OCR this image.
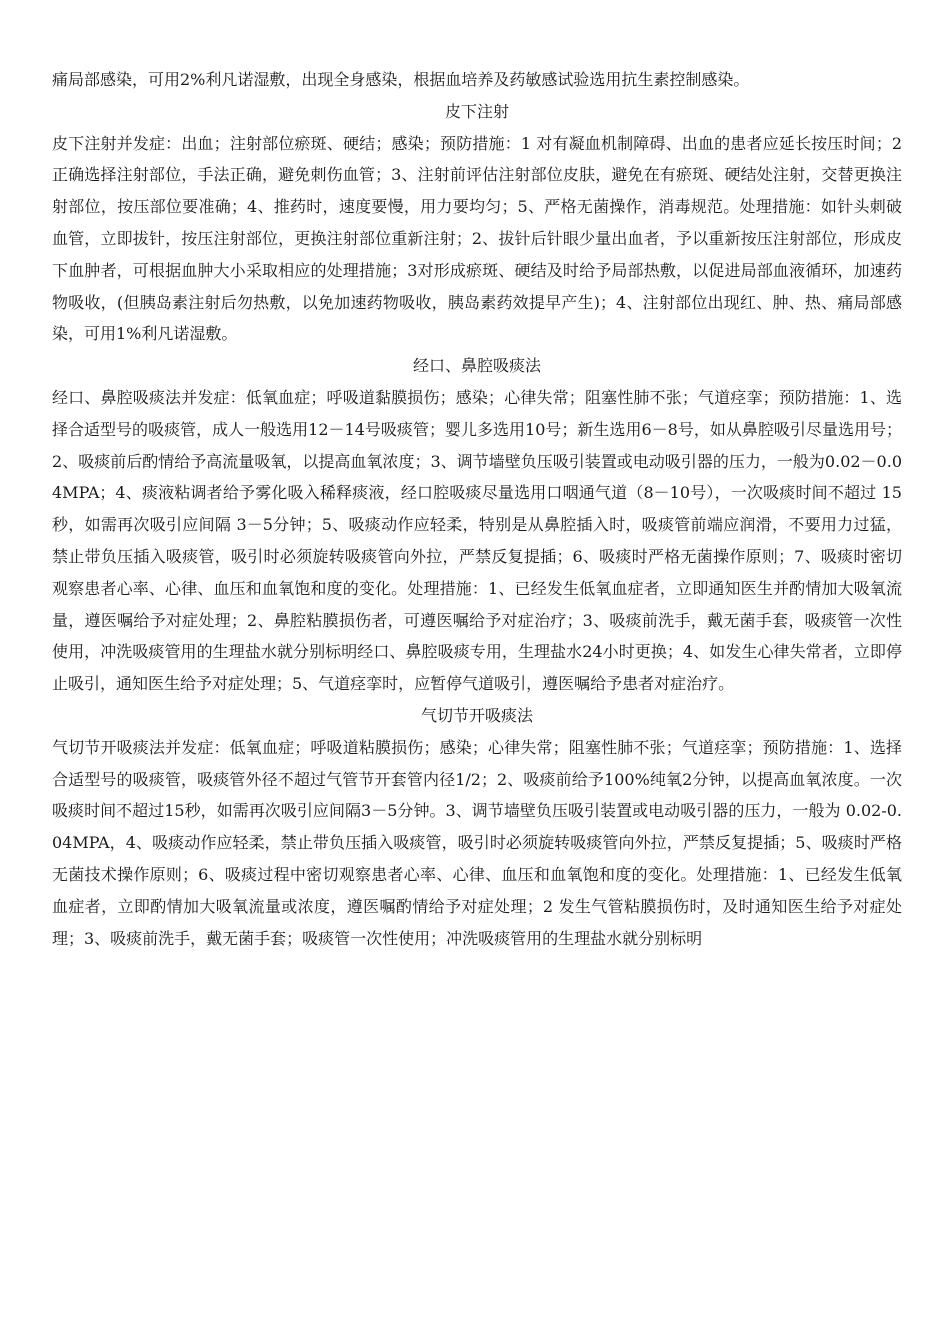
痛局部感染，可用2%利凡诺湿敷，出现全身感染，根据血培养及药敏感试验选用抗生素控制感染。

皮下注射

皮下注射并发症：出血；注射部位瘀斑、硬结；感染；预防措施：1 对有凝血机制障碍、出血的患者应延长按压时间；2正确选择注射部位，手法正确，避免刺伤血管；3、注射前评估注射部位皮肤，避免在有瘀斑、硬结处注射，交替更换注射部位，按压部位要准确；4、推药时，速度要慢，用力要均匀；5、严格无菌操作，消毒规范。处理措施：如针头刺破血管，立即拔针，按压注射部位，更换注射部位重新注射；2、拔针后针眼少量出血者，予以重新按压注射部位，形成皮下血肿者，可根据血肿大小采取相应的处理措施；3对形成瘀斑、硬结及时给予局部热敷，以促进局部血液循环，加速药物吸收，(但胰岛素注射后勿热敷，以免加速药物吸收，胰岛素药效提早产生)；4、注射部位出现红、肿、热、痛局部感染，可用1%利凡诺湿敷。

经口、鼻腔吸痰法

经口、鼻腔吸痰法并发症：低氧血症；呼吸道黏膜损伤；感染；心律失常；阻塞性肺不张；气道痉挛；预防措施：1、选择合适型号的吸痰管，成人一般选用12－14号吸痰管；婴儿多选用10号；新生选用6－8号，如从鼻腔吸引尽量选用号；2、吸痰前后酌情给予高流量吸氧，以提高血氧浓度；3、调节墙壁负压吸引装置或电动吸引器的压力，一般为0.02－0.04MPA；4、痰液粘调者给予雾化吸入稀释痰液，经口腔吸痰尽量选用口咽通气道（8－10号），一次吸痰时间不超过 15秒，如需再次吸引应间隔 3－5分钟；5、吸痰动作应轻柔，特别是从鼻腔插入时，吸痰管前端应润滑，不要用力过猛，禁止带负压插入吸痰管，吸引时必须旋转吸痰管向外拉，严禁反复提插；6、吸痰时严格无菌操作原则；7、吸痰时密切观察患者心率、心律、血压和血氧饱和度的变化。处理措施：1、已经发生低氧血症者，立即通知医生并酌情加大吸氧流量，遵医嘱给予对症处理；2、鼻腔粘膜损伤者，可遵医嘱给予对症治疗；3、吸痰前洗手，戴无菌手套，吸痰管一次性使用，冲洗吸痰管用的生理盐水就分别标明经口、鼻腔吸痰专用，生理盐水24小时更换；4、如发生心律失常者，立即停止吸引，通知医生给予对症处理；5、气道痉挛时，应暂停气道吸引，遵医嘱给予患者对症治疗。

气切节开吸痰法

气切节开吸痰法并发症：低氧血症；呼吸道粘膜损伤；感染；心律失常；阻塞性肺不张；气道痉挛；预防措施：1、选择合适型号的吸痰管，吸痰管外径不超过气管节开套管内径1/2；2、吸痰前给予100%纯氧2分钟，以提高血氧浓度。一次吸痰时间不超过15秒，如需再次吸引应间隔3－5分钟。3、调节墙壁负压吸引装置或电动吸引器的压力，一般为 0.02-0.04MPA，4、吸痰动作应轻柔，禁止带负压插入吸痰管，吸引时必须旋转吸痰管向外拉，严禁反复提插；5、吸痰时严格无菌技术操作原则；6、吸痰过程中密切观察患者心率、心律、血压和血氧饱和度的变化。处理措施：1、已经发生低氧血症者，立即酌情加大吸氧流量或浓度，遵医嘱酌情给予对症处理；2 发生气管粘膜损伤时，及时通知医生给予对症处理；3、吸痰前洗手，戴无菌手套；吸痰管一次性使用；冲洗吸痰管用的生理盐水就分别标明
